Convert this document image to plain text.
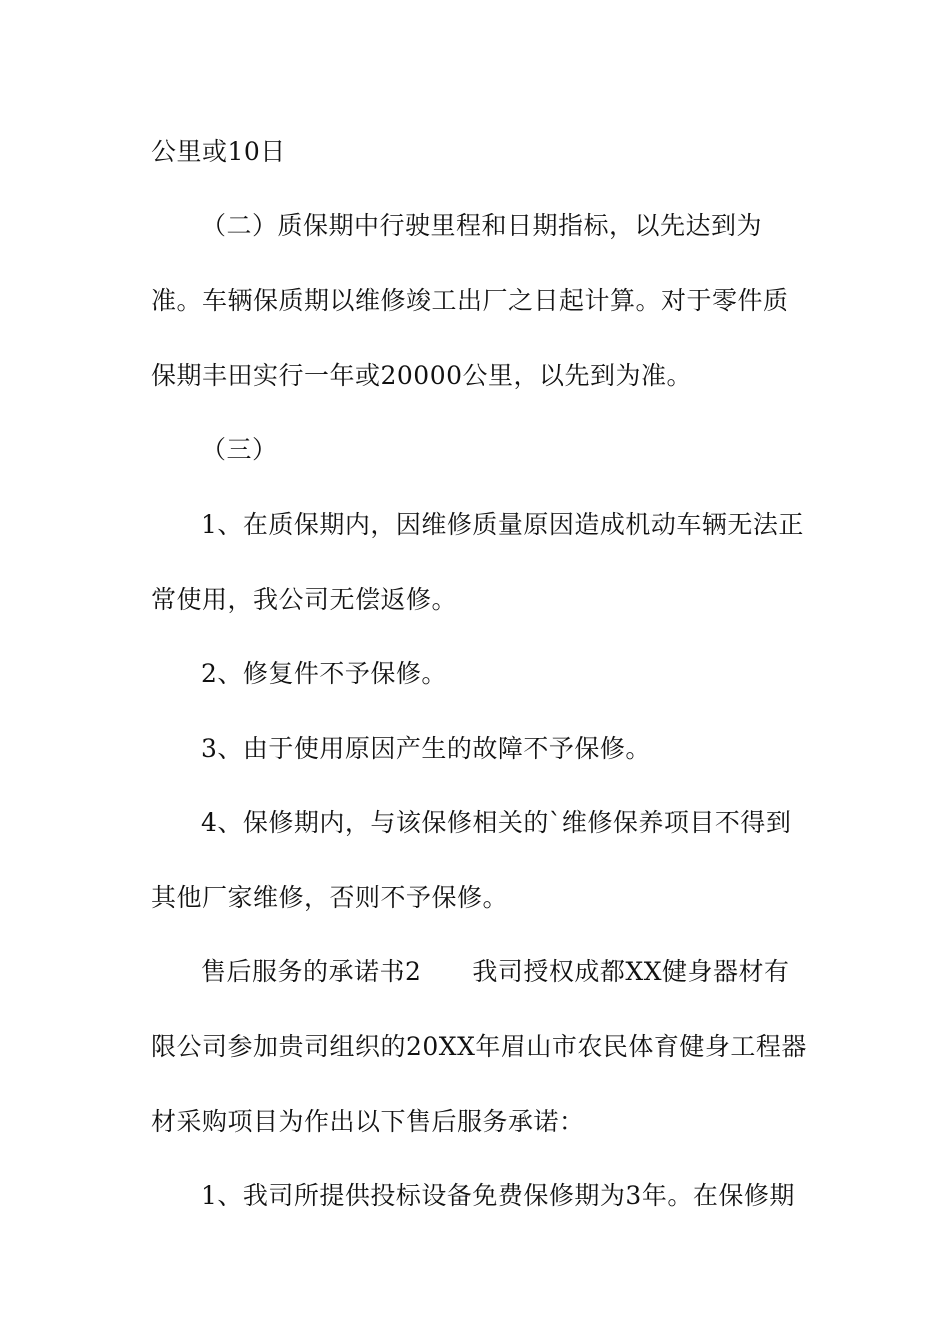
公里或10日
（二）质保期中行驶里程和日期指标，以先达到为
准。车辆保质期以维修竣工出厂之日起计算。对于零件质
保期丰田实行一年或20000公里，以先到为准。
（三）
1、在质保期内，因维修质量原因造成机动车辆无法正
常使用，我公司无偿返修。
2、修复件不予保修。
3、由于使用原因产生的故障不予保修。
4、保修期内，与该保修相关的`维修保养项目不得到
其他厂家维修，否则不予保修。
售后服务的承诺书2　　我司授权成都XX健身器材有
限公司参加贵司组织的20XX年眉山市农民体育健身工程器
材采购项目为作出以下售后服务承诺：
1、我司所提供投标设备免费保修期为3年。在保修期
